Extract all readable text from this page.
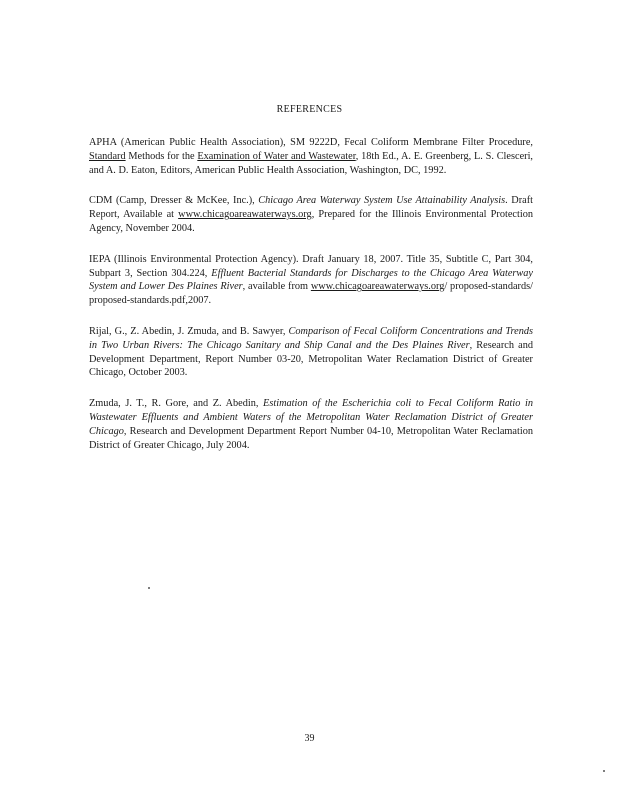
REFERENCES

APHA (American Public Health Association), SM 9222D, Fecal Coliform Membrane Filter Procedure, Standard Methods for the Examination of Water and Wastewater, 18th Ed., A. E. Greenberg, L. S. Clesceri, and A. D. Eaton, Editors, American Public Health Association, Washington, DC, 1992.

CDM (Camp, Dresser & McKee, Inc.), Chicago Area Waterway System Use Attainability Analysis. Draft Report, Available at www.chicagoareawaterways.org, Prepared for the Illinois Environmental Protection Agency, November 2004.

IEPA (Illinois Environmental Protection Agency). Draft January 18, 2007. Title 35, Subtitle C, Part 304, Subpart 3, Section 304.224, Effluent Bacterial Standards for Discharges to the Chicago Area Waterway System and Lower Des Plaines River, available from www.chicagoareawaterways.org/ proposed-standards/ proposed-standards.pdf,2007.

Rijal, G., Z. Abedin, J. Zmuda, and B. Sawyer, Comparison of Fecal Coliform Concentrations and Trends in Two Urban Rivers: The Chicago Sanitary and Ship Canal and the Des Plaines River, Research and Development Department, Report Number 03-20, Metropolitan Water Reclamation District of Greater Chicago, October 2003.

Zmuda, J. T., R. Gore, and Z. Abedin, Estimation of the Escherichia coli to Fecal Coliform Ratio in Wastewater Effluents and Ambient Waters of the Metropolitan Water Reclamation District of Greater Chicago, Research and Development Department Report Number 04-10, Metropolitan Water Reclamation District of Greater Chicago, July 2004.

39
